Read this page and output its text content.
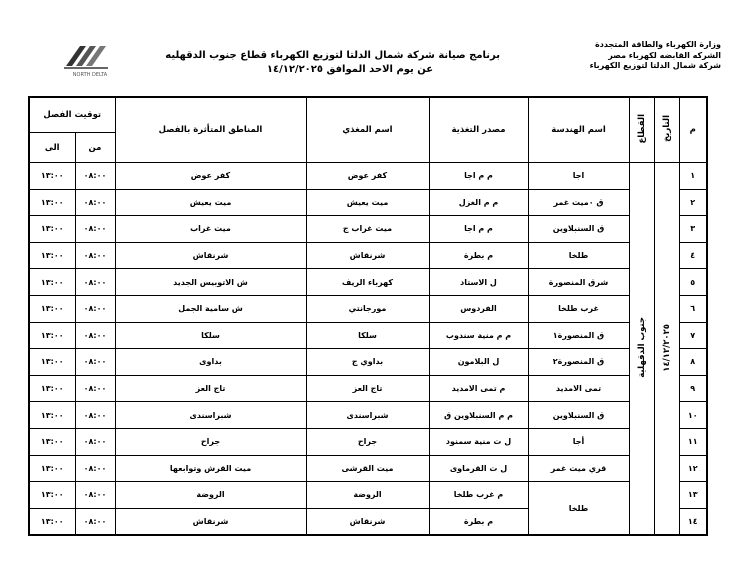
وزارة الكهرباء والطاقة المتجددة
الشركه القابضه لكهرباء مصر
شركة شمال الدلتا لتوزيع الكهرباء
برنامج صيانة شركة شمال الدلتا لتوزيع الكهرباء قطاع جنوب الدقهليه
عن يوم الاحد الموافق ١٤/١٢/٢٠٢٥
NORTH DELTA
توقيت الفصل		المناطق المتأثرة بالفصل	اسم المغذي	مصدر التغذية	اسم الهندسة	القطاع	التاريخ	م
الى	من							
١٣:٠٠	٠٨:٠٠	كفر عوض	كفر عوض	م م اجا	اجا	جنوب الدقهلية	١٤/١٢/٢٠٢٥	١
١٣:٠٠	٠٨:٠٠	ميت يعيش	ميت يعيش	م م الغزل	ق ٠ميت غمر			٢
١٣:٠٠	٠٨:٠٠	ميت غراب	ميت غراب ج	م م اجا	ق السنبلاوين			٣
١٣:٠٠	٠٨:٠٠	شرنقاش	شرنقاش	م بطرة	طلخا			٤
١٣:٠٠	٠٨:٠٠	ش الاتوبيس الجديد	كهرباء الريف	ل الاستاد	شرق المنصورة			٥
١٣:٠٠	٠٨:٠٠	ش سامية الجمل	مورجانتي	الفردوس	غرب طلخا			٦
١٣:٠٠	٠٨:٠٠	سلكا	سلكا	م م منية سندوب	ق المنصورة١			٧
١٣:٠٠	٠٨:٠٠	بداوى	بداوي ج	ل البلامون	ق المنصورة٢			٨
١٣:٠٠	٠٨:٠٠	تاج العز	تاج العز	م تمى الامديد	تمى الامديد			٩
١٣:٠٠	٠٨:٠٠	شبراسندى	شبراسندى	م م السنبلاوين ق	ق السنبلاوين			١٠
١٣:٠٠	٠٨:٠٠	جراح	جراح	ل ت منية سمنود	أجا			١١
١٣:٠٠	٠٨:٠٠	ميت القرش وتوابعها	ميت القرشى	ل ت القرماوى	قري ميت غمر			١٢
١٣:٠٠	٠٨:٠٠	الروضة	الروضة	م غرب طلخا	طلخا			١٣
١٣:٠٠	٠٨:٠٠	شرنقاش	شرنقاش	م بطرة				١٤
